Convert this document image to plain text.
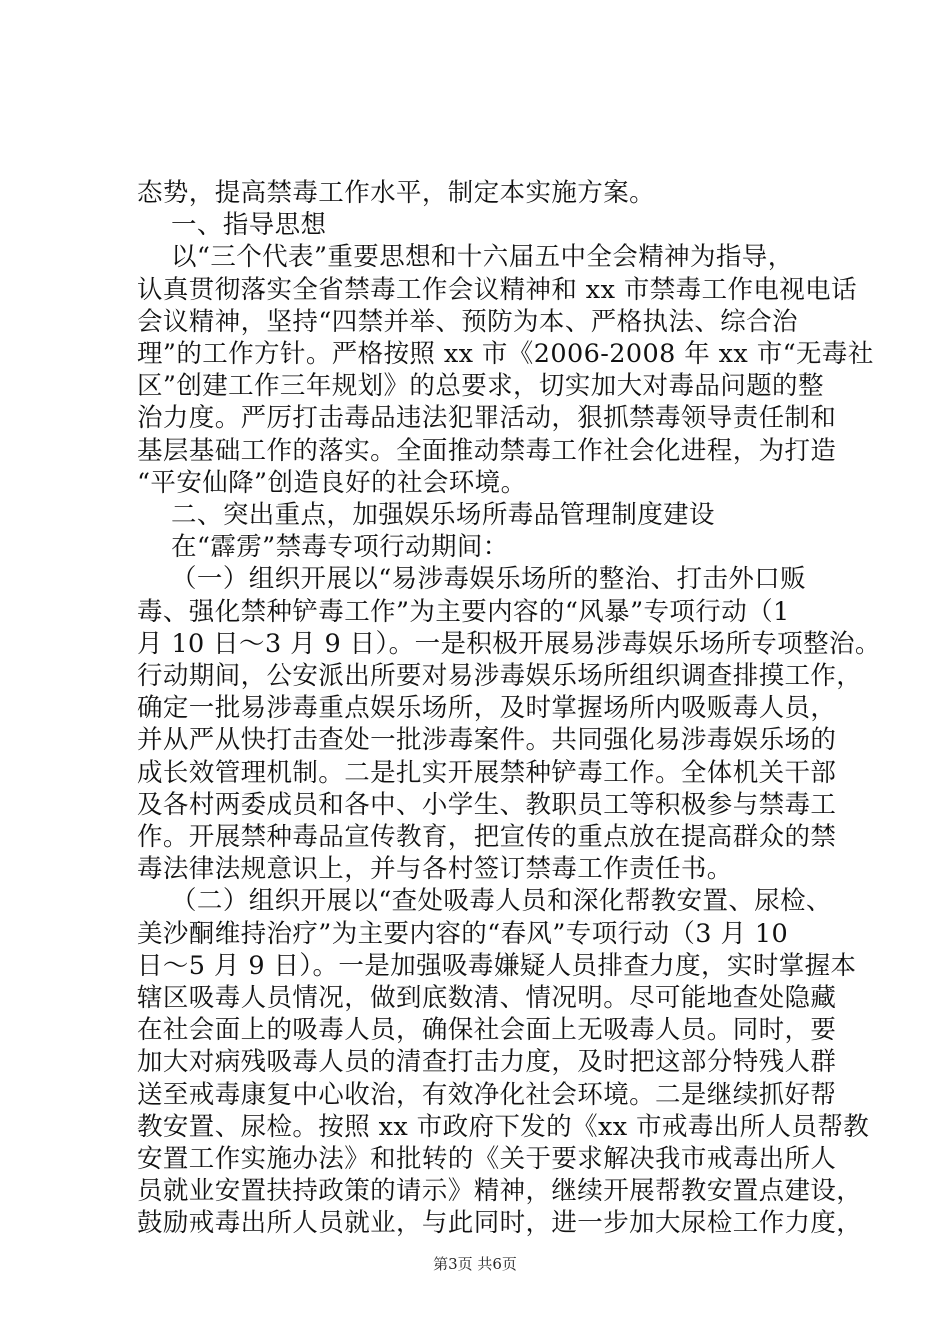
态势，提高禁毒工作水平，制定本实施方案。
一、指导思想
以“三个代表”重要思想和十六届五中全会精神为指导，
认真贯彻落实全省禁毒工作会议精神和 xx 市禁毒工作电视电话
会议精神，坚持“四禁并举、预防为本、严格执法、综合治
理”的工作方针。严格按照 xx 市《2006-2008 年 xx 市“无毒社
区”创建工作三年规划》的总要求，切实加大对毒品问题的整
治力度。严厉打击毒品违法犯罪活动，狠抓禁毒领导责任制和
基层基础工作的落实。全面推动禁毒工作社会化进程，为打造
“平安仙降”创造良好的社会环境。
二、突出重点，加强娱乐场所毒品管理制度建设
在“霹雳”禁毒专项行动期间：
（一）组织开展以“易涉毒娱乐场所的整治、打击外口贩
毒、强化禁种铲毒工作”为主要内容的“风暴”专项行动（1
月 10 日～3 月 9 日）。一是积极开展易涉毒娱乐场所专项整治。
行动期间，公安派出所要对易涉毒娱乐场所组织调查排摸工作，
确定一批易涉毒重点娱乐场所，及时掌握场所内吸贩毒人员，
并从严从快打击查处一批涉毒案件。共同强化易涉毒娱乐场的
成长效管理机制。二是扎实开展禁种铲毒工作。全体机关干部
及各村两委成员和各中、小学生、教职员工等积极参与禁毒工
作。开展禁种毒品宣传教育，把宣传的重点放在提高群众的禁
毒法律法规意识上，并与各村签订禁毒工作责任书。
（二）组织开展以“查处吸毒人员和深化帮教安置、尿检、
美沙酮维持治疗”为主要内容的“春风”专项行动（3 月 10
日～5 月 9 日）。一是加强吸毒嫌疑人员排查力度，实时掌握本
辖区吸毒人员情况，做到底数清、情况明。尽可能地查处隐藏
在社会面上的吸毒人员，确保社会面上无吸毒人员。同时，要
加大对病残吸毒人员的清查打击力度，及时把这部分特残人群
送至戒毒康复中心收治，有效净化社会环境。二是继续抓好帮
教安置、尿检。按照 xx 市政府下发的《xx 市戒毒出所人员帮教
安置工作实施办法》和批转的《关于要求解决我市戒毒出所人
员就业安置扶持政策的请示》精神，继续开展帮教安置点建设，
鼓励戒毒出所人员就业，与此同时，进一步加大尿检工作力度，
第3页 共6页
